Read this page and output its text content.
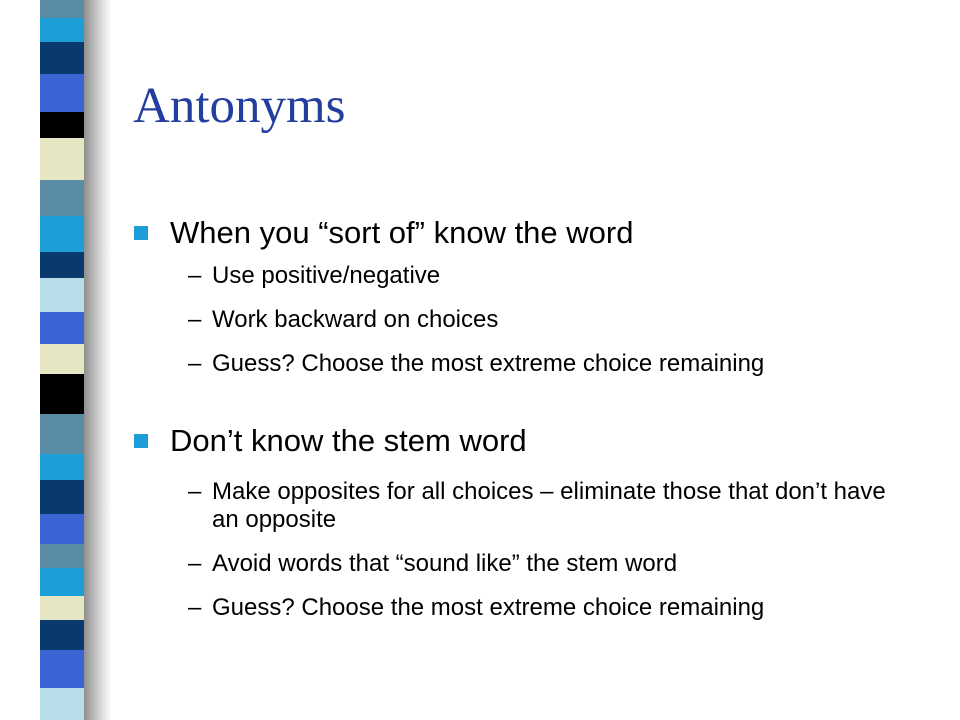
Antonyms
When you “sort of” know the word
– Use positive/negative
– Work backward on choices
– Guess? Choose the most extreme choice remaining
Don’t know the stem word
– Make opposites for all choices – eliminate those that don’t have an opposite
– Avoid words that “sound like” the stem word
– Guess? Choose the most extreme choice remaining
